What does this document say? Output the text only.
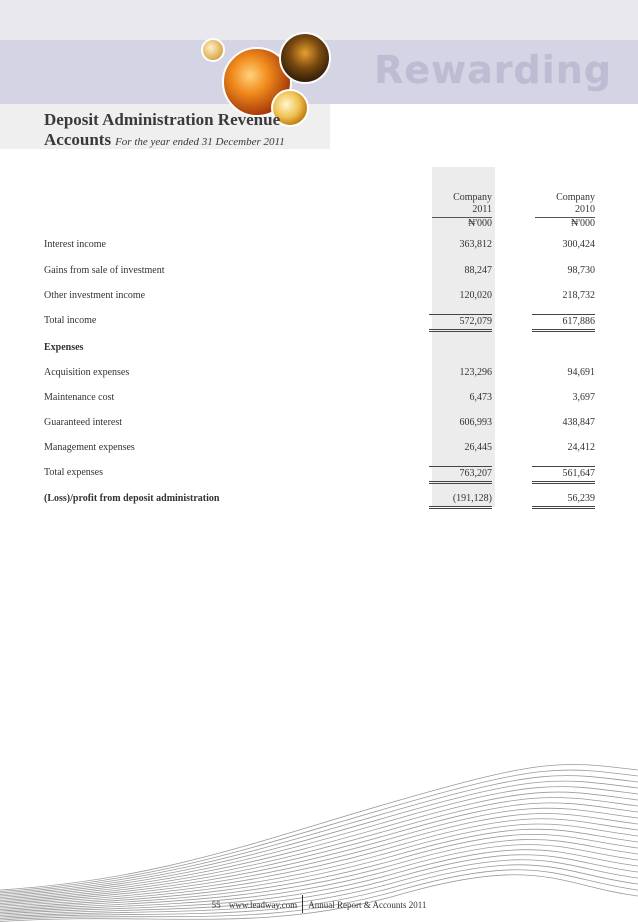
Rewarding
Deposit Administration Revenue
Accounts For the year ended 31 December 2011
Company
2011
₦'000
Company
2010
₦'000
Interest income	363,812	300,424
Gains from sale of investment	88,247	98,730
Other investment income	120,020	218,732
Total income	572,079	617,886
Expenses
Acquisition expenses	123,296	94,691
Maintenance cost	6,473	3,697
Guaranteed interest	606,993	438,847
Management expenses	26,445	24,412
Total expenses	763,207	561,647
(Loss)/profit from deposit administration	(191,128)	56,239
55 www.leadway.com Annual Report & Accounts 2011
